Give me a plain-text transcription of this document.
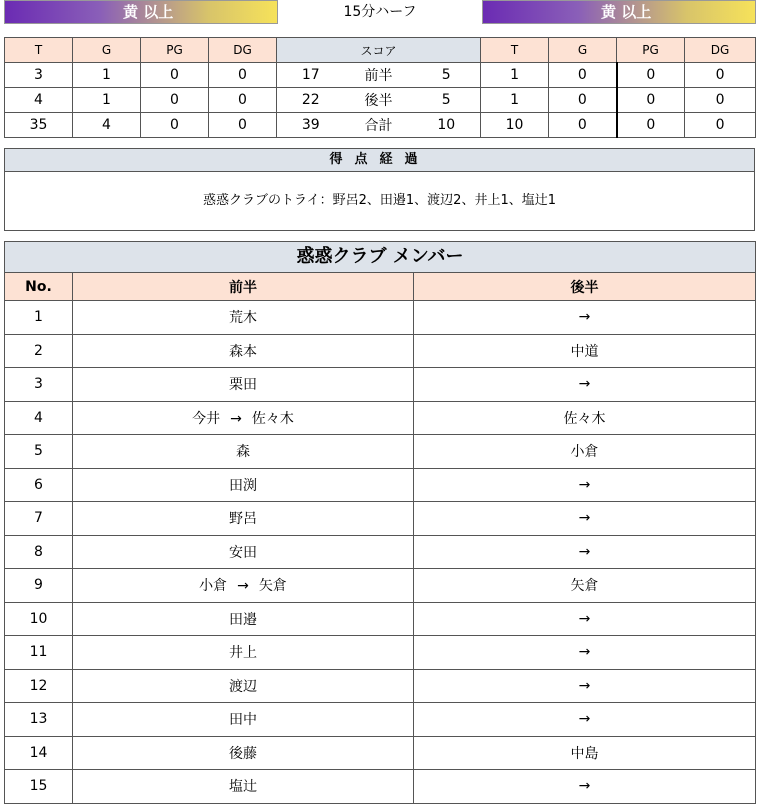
黄 以上	15分ハーフ	黄 以上
T	G	PG	DG	スコア			T	G	PG	DG
3	1	0	0	17	前半	5	1	0	0	0
4	1	0	0	22	後半	5	1	0	0	0
35	4	0	0	39	合計	10	10	0	0	0
得点経過
惑惑クラブのトライ：野呂2、田邉1、渡辺2、井上1、塩辻1
惑惑クラブ メンバー
No.	前半	後半
1	荒木	→
2	森本	中道
3	栗田	→
4	今井 → 佐々木	佐々木
5	森	小倉
6	田渕	→
7	野呂	→
8	安田	→
9	小倉 → 矢倉	矢倉
10	田邉	→
11	井上	→
12	渡辺	→
13	田中	→
14	後藤	中島
15	塩辻	→
